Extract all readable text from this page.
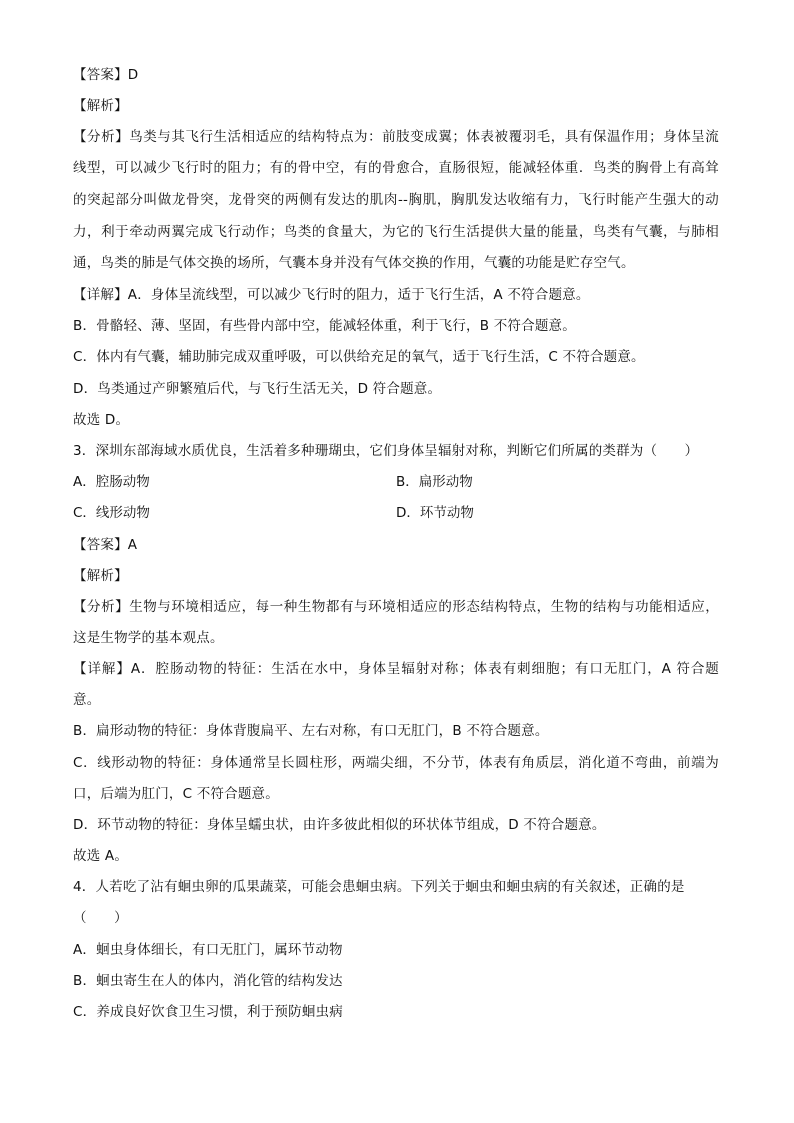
【答案】D
【解析】
【分析】鸟类与其飞行生活相适应的结构特点为：前肢变成翼；体表被覆羽毛，具有保温作用；身体呈流
线型，可以减少飞行时的阻力；有的骨中空，有的骨愈合，直肠很短，能减轻体重．鸟类的胸骨上有高耸
的突起部分叫做龙骨突，龙骨突的两侧有发达的肌肉--胸肌，胸肌发达收缩有力，飞行时能产生强大的动
力，利于牵动两翼完成飞行动作；鸟类的食量大，为它的飞行生活提供大量的能量，鸟类有气囊，与肺相
通，鸟类的肺是气体交换的场所，气囊本身并没有气体交换的作用，气囊的功能是贮存空气。
【详解】A．身体呈流线型，可以减少飞行时的阻力，适于飞行生活，A 不符合题意。
B．骨骼轻、薄、坚固，有些骨内部中空，能减轻体重，利于飞行，B 不符合题意。
C．体内有气囊，辅助肺完成双重呼吸，可以供给充足的氧气，适于飞行生活，C 不符合题意。
D．鸟类通过产卵繁殖后代，与飞行生活无关，D 符合题意。
故选 D。
3．深圳东部海域水质优良，生活着多种珊瑚虫，它们身体呈辐射对称，判断它们所属的类群为（　　）
A．腔肠动物	B．扁形动物
C．线形动物	D．环节动物
【答案】A
【解析】
【分析】生物与环境相适应，每一种生物都有与环境相适应的形态结构特点，生物的结构与功能相适应，
这是生物学的基本观点。
【详解】A．腔肠动物的特征：生活在水中，身体呈辐射对称；体表有刺细胞；有口无肛门，A 符合题
意。
B．扁形动物的特征：身体背腹扁平、左右对称，有口无肛门，B 不符合题意。
C．线形动物的特征：身体通常呈长圆柱形，两端尖细，不分节，体表有角质层，消化道不弯曲，前端为
口，后端为肛门，C 不符合题意。
D．环节动物的特征：身体呈蠕虫状，由许多彼此相似的环状体节组成，D 不符合题意。
故选 A。
4．人若吃了沾有蛔虫卵的瓜果蔬菜，可能会患蛔虫病。下列关于蛔虫和蛔虫病的有关叙述，正确的是
（　　）
A．蛔虫身体细长，有口无肛门，属环节动物
B．蛔虫寄生在人的体内，消化管的结构发达
C．养成良好饮食卫生习惯，利于预防蛔虫病
